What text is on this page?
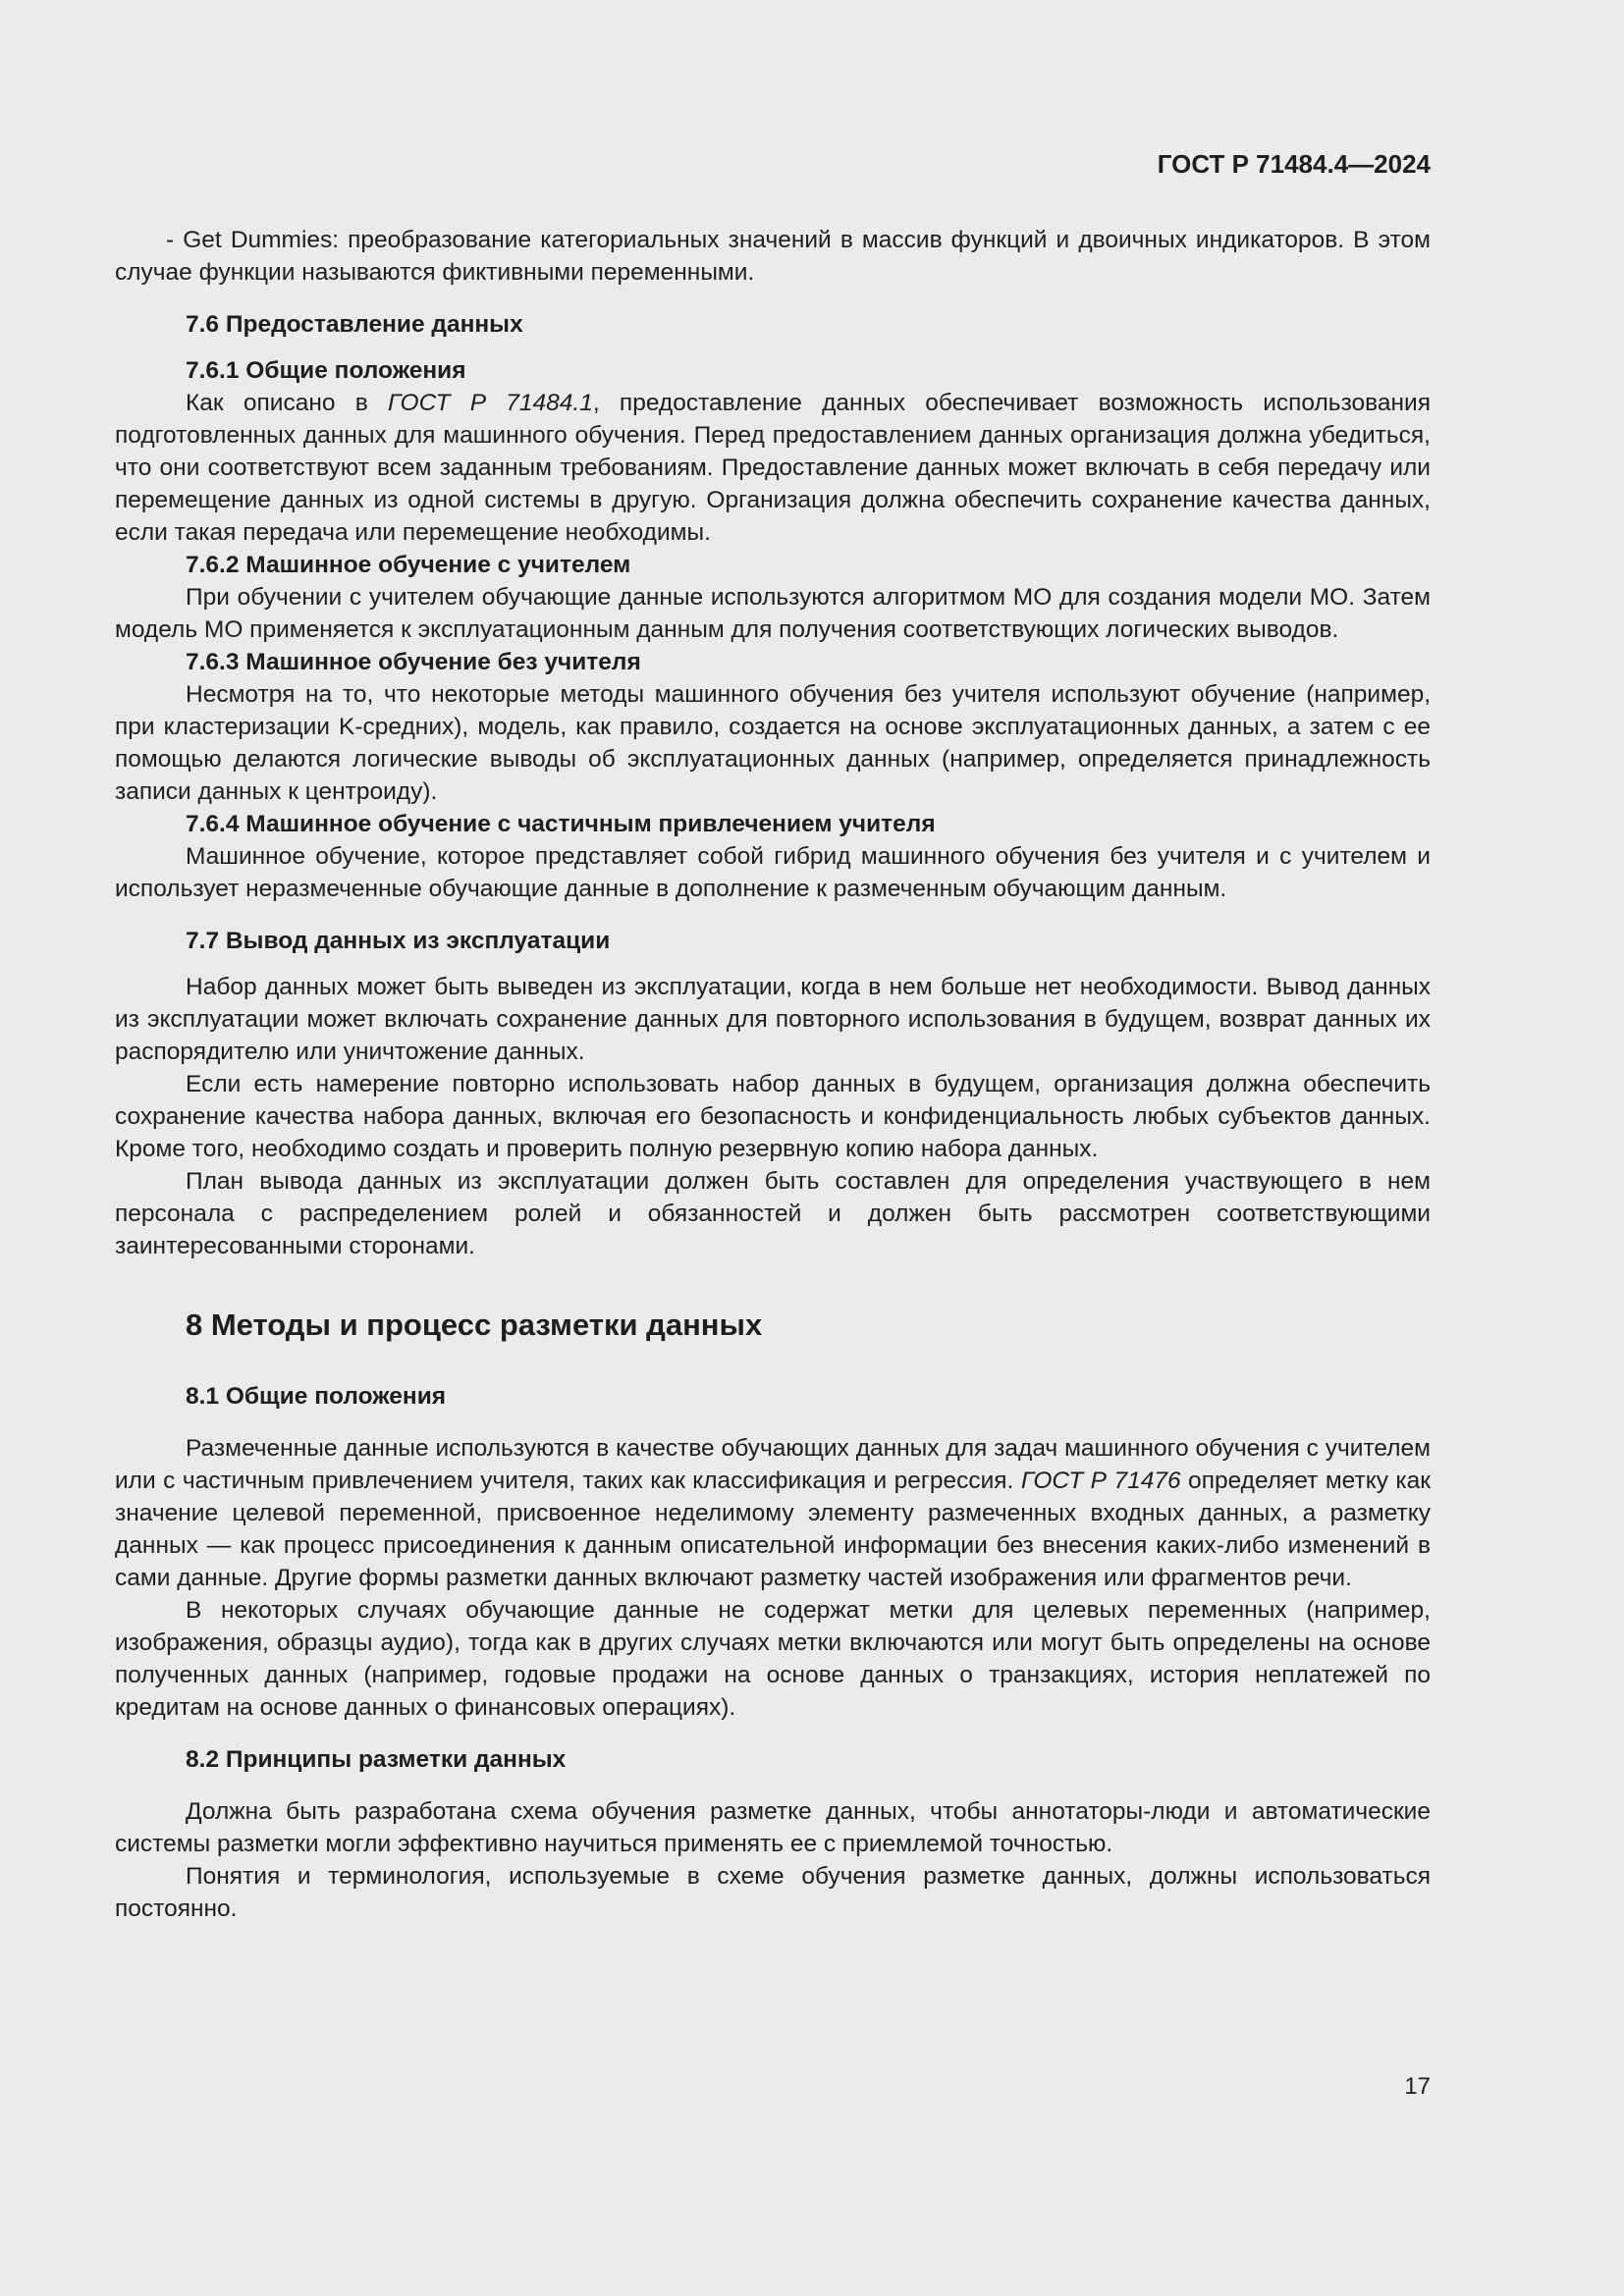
ГОСТ Р 71484.4—2024

- Get Dummies: преобразование категориальных значений в массив функций и двоичных индикаторов. В этом случае функции называются фиктивными переменными.

7.6 Предоставление данных
7.6.1 Общие положения

Как описано в ГОСТ Р 71484.1, предоставление данных обеспечивает возможность использования подготовленных данных для машинного обучения. Перед предоставлением данных организация должна убедиться, что они соответствуют всем заданным требованиям. Предоставление данных может включать в себя передачу или перемещение данных из одной системы в другую. Организация должна обеспечить сохранение качества данных, если такая передача или перемещение необходимы.

7.6.2 Машинное обучение с учителем

При обучении с учителем обучающие данные используются алгоритмом МО для создания модели МО. Затем модель МО применяется к эксплуатационным данным для получения соответствующих логических выводов.

7.6.3 Машинное обучение без учителя

Несмотря на то, что некоторые методы машинного обучения без учителя используют обучение (например, при кластеризации K-средних), модель, как правило, создается на основе эксплуатационных данных, а затем с ее помощью делаются логические выводы об эксплуатационных данных (например, определяется принадлежность записи данных к центроиду).

7.6.4 Машинное обучение с частичным привлечением учителя

Машинное обучение, которое представляет собой гибрид машинного обучения без учителя и с учителем и использует неразмеченные обучающие данные в дополнение к размеченным обучающим данным.

7.7 Вывод данных из эксплуатации

Набор данных может быть выведен из эксплуатации, когда в нем больше нет необходимости. Вывод данных из эксплуатации может включать сохранение данных для повторного использования в будущем, возврат данных их распорядителю или уничтожение данных.

Если есть намерение повторно использовать набор данных в будущем, организация должна обеспечить сохранение качества набора данных, включая его безопасность и конфиденциальность любых субъектов данных. Кроме того, необходимо создать и проверить полную резервную копию набора данных.

План вывода данных из эксплуатации должен быть составлен для определения участвующего в нем персонала с распределением ролей и обязанностей и должен быть рассмотрен соответствующими заинтересованными сторонами.

8 Методы и процесс разметки данных
8.1 Общие положения

Размеченные данные используются в качестве обучающих данных для задач машинного обучения с учителем или с частичным привлечением учителя, таких как классификация и регрессия. ГОСТ Р 71476 определяет метку как значение целевой переменной, присвоенное неделимому элементу размеченных входных данных, а разметку данных — как процесс присоединения к данным описательной информации без внесения каких-либо изменений в сами данные. Другие формы разметки данных включают разметку частей изображения или фрагментов речи.

В некоторых случаях обучающие данные не содержат метки для целевых переменных (например, изображения, образцы аудио), тогда как в других случаях метки включаются или могут быть определены на основе полученных данных (например, годовые продажи на основе данных о транзакциях, история неплатежей по кредитам на основе данных о финансовых операциях).

8.2 Принципы разметки данных

Должна быть разработана схема обучения разметке данных, чтобы аннотаторы-люди и автоматические системы разметки могли эффективно научиться применять ее с приемлемой точностью.

Понятия и терминология, используемые в схеме обучения разметке данных, должны использоваться постоянно.

17
